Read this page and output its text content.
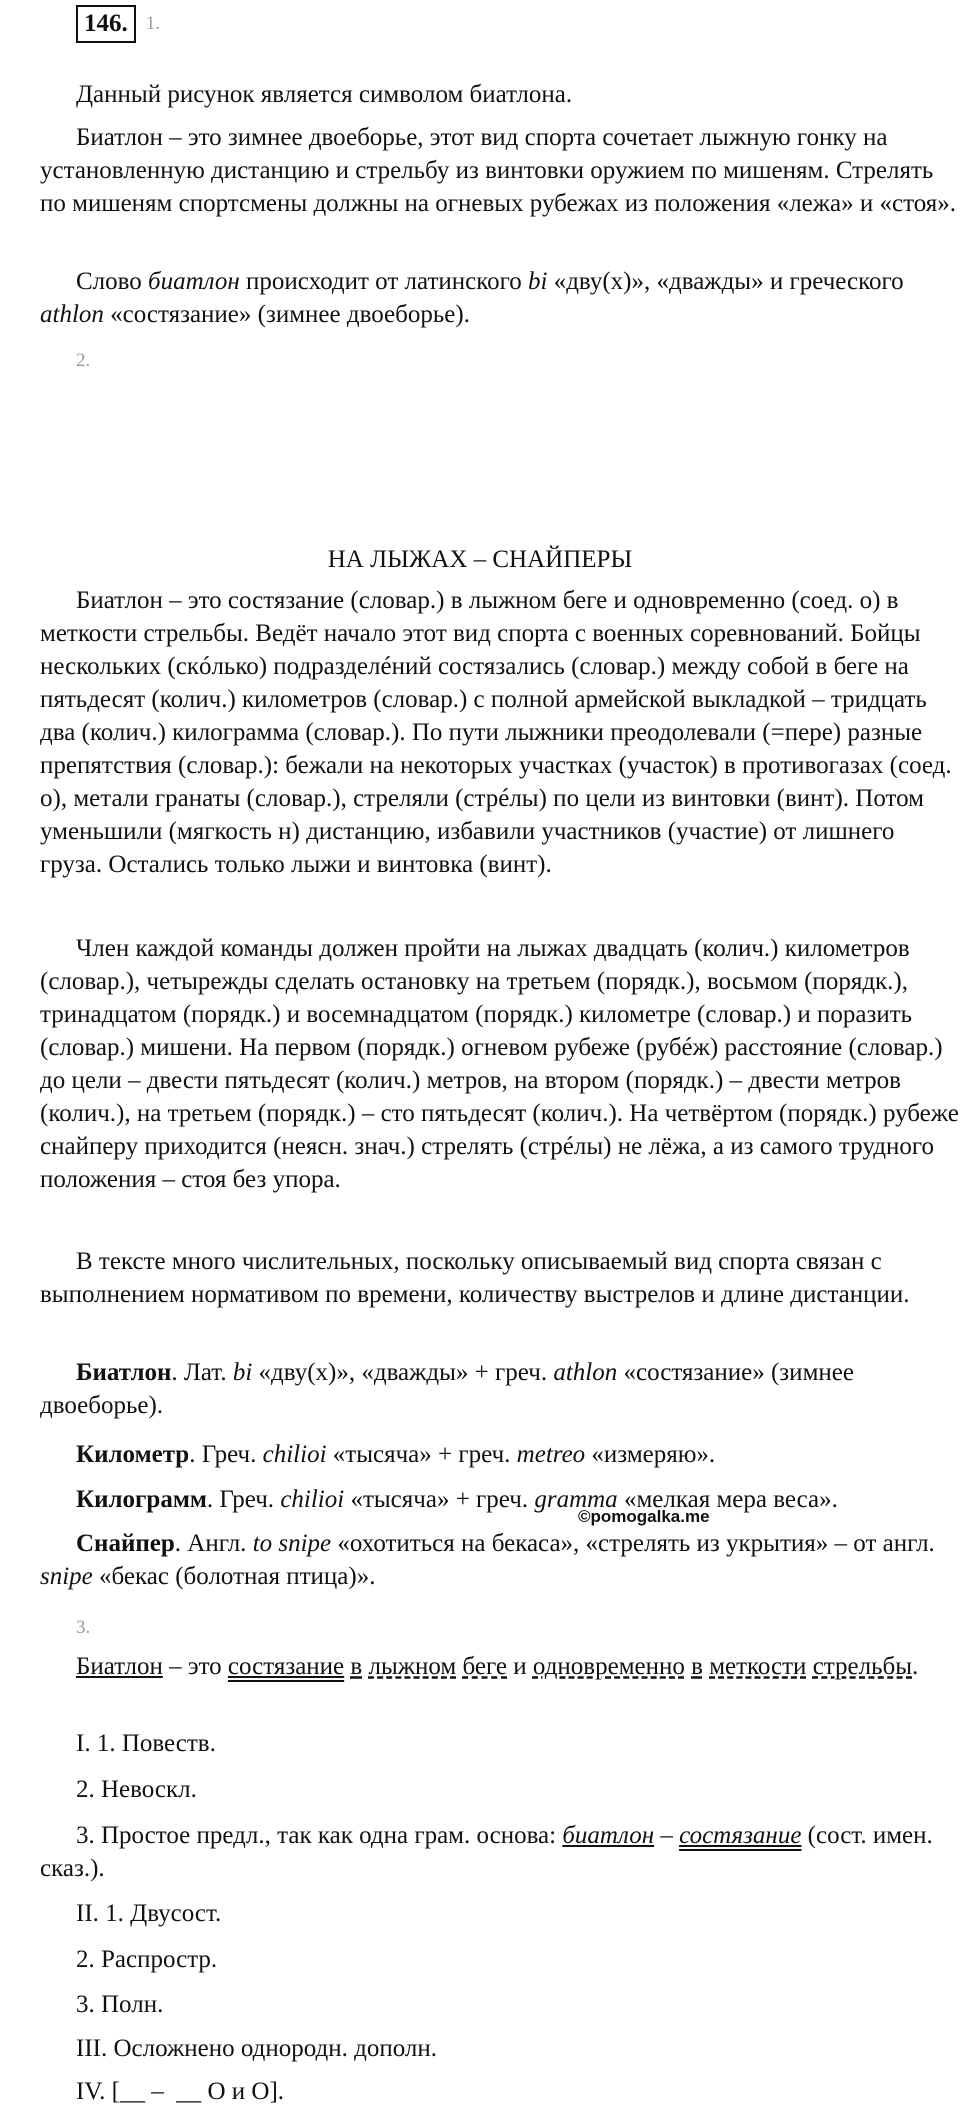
146. 1.

Данный рисунок является символом биатлона.

Биатлон – это зимнее двоеборье, этот вид спорта сочетает лыжную гонку на установленную дистанцию и стрельбу из винтовки оружием по мишеням. Стрелять по мишеням спортсмены должны на огневых рубежах из положения «лежа» и «стоя».

Слово биатлон происходит от латинского bi «дву(х)», «дважды» и греческого athlon «состязание» (зимнее двоеборье).

2.
НА ЛЫЖАХ – СНАЙПЕРЫ

Биатлон – это состязание (словар.) в лыжном беге и одновременно (соед. о) в меткости стрельбы. Ведёт начало этот вид спорта с военных соревнований. Бойцы нескольких (скóлько) подразделéний состязались (словар.) между собой в беге на пятьдесят (колич.) километров (словар.) с полной армейской выкладкой – тридцать два (колич.) килограмма (словар.). По пути лыжники преодолевали (=пере) разные препятствия (словар.): бежали на некоторых участках (участок) в противогазах (соед. о), метали гранаты (словар.), стреляли (стрéлы) по цели из винтовки (винт). Потом уменьшили (мягкость н) дистанцию, избавили участников (участие) от лишнего груза. Остались только лыжи и винтовка (винт).

Член каждой команды должен пройти на лыжах двадцать (колич.) километров (словар.), четырежды сделать остановку на третьем (порядк.), восьмом (порядк.), тринадцатом (порядк.) и восемнадцатом (порядк.) километре (словар.) и поразить (словар.) мишени. На первом (порядк.) огневом рубеже (рубéж) расстояние (словар.) до цели – двести пятьдесят (колич.) метров, на втором (порядк.) – двести метров (колич.), на третьем (порядк.) – сто пятьдесят (колич.). На четвёртом (порядк.) рубеже снайперу приходится (неясн. знач.) стрелять (стрéлы) не лёжа, а из самого трудного положения – стоя без упора.

В тексте много числительных, поскольку описываемый вид спорта связан с выполнением нормативом по времени, количеству выстрелов и длине дистанции.

Биатлон. Лат. bi «дву(х)», «дважды» + греч. athlon «состязание» (зимнее двоеборье).

Километр. Греч. chilioi «тысяча» + греч. metreo «измеряю».

Килограмм. Греч. chilioi «тысяча» + греч. gramma «мелкая мера веса».

Снайпер. Англ. to snipe «охотиться на бекаса», «стрелять из укрытия» – от англ. snipe «бекас (болотная птица)».

©pomogalka.me
3.

Биатлон – это состязание в лыжном беге и одновременно в меткости стрельбы.

I. 1. Повеств.
2. Невоскл.

3. Простое предл., так как одна грам. основа: биатлон – состязание (сост. имен. сказ.).

II. 1. Двусост.
2. Распростр.
3. Полн.
III. Осложнено однородн. дополн.
IV. [__ –  __ О и О].
